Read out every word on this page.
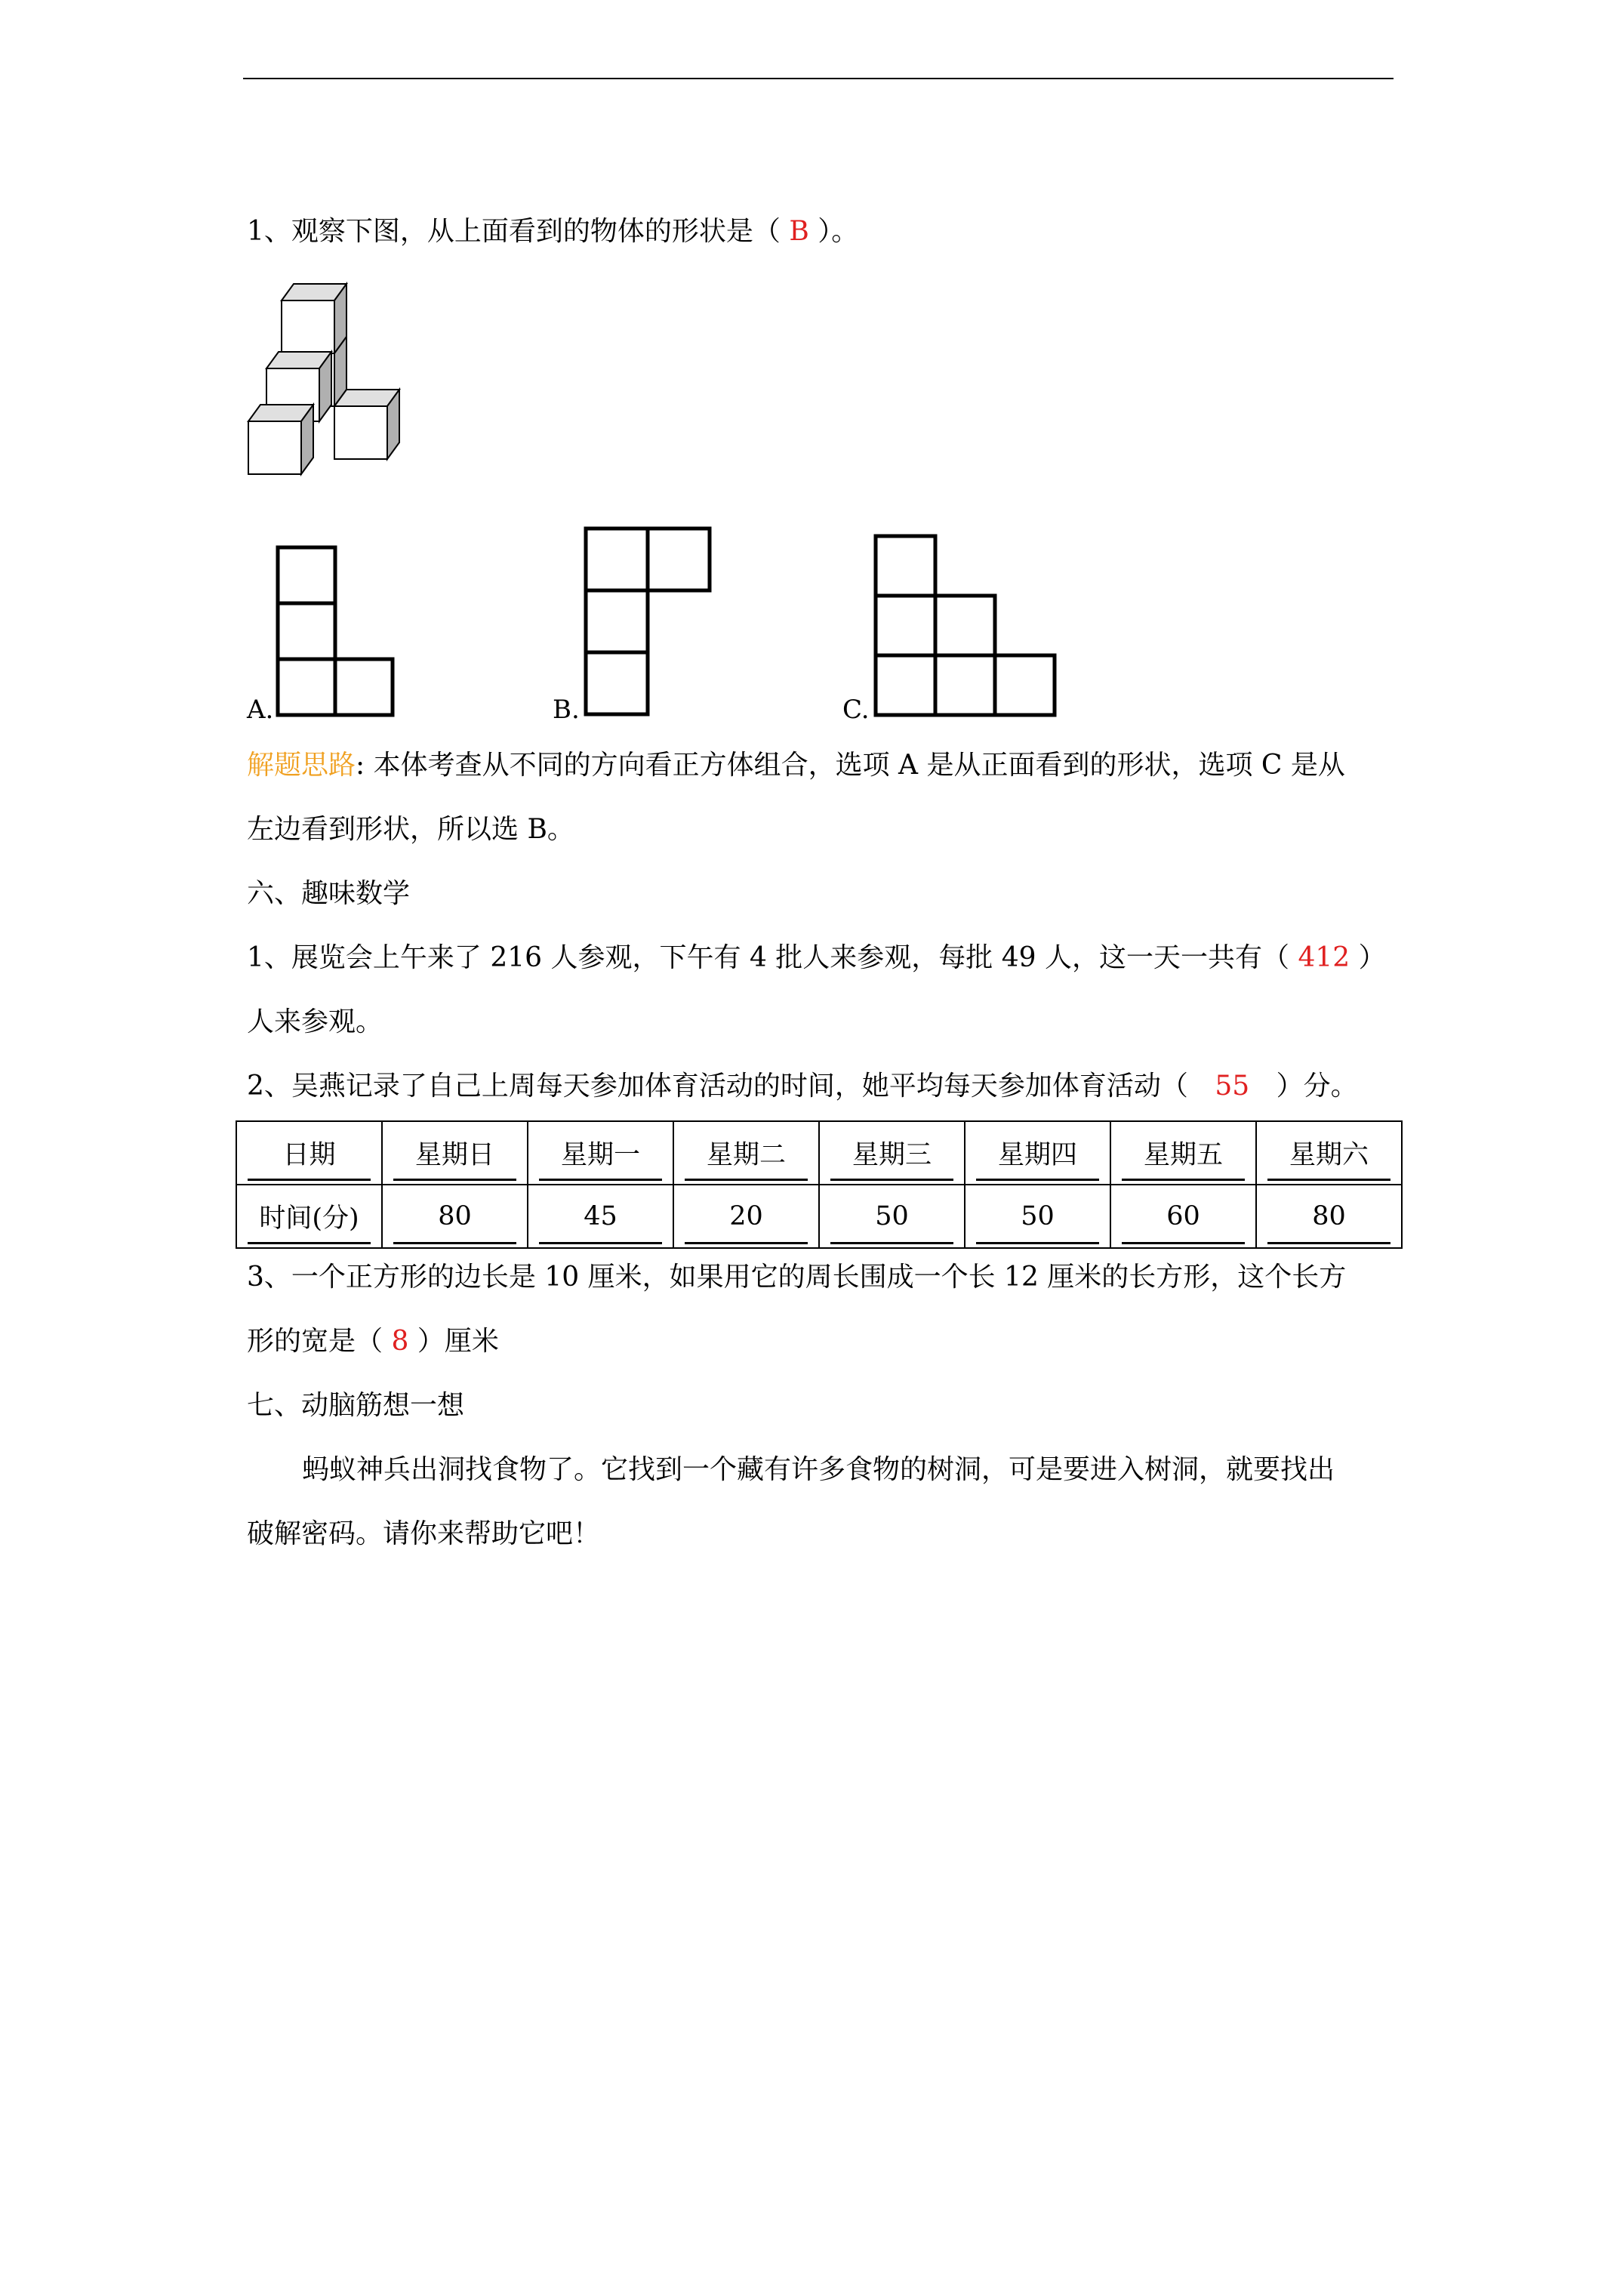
1、观察下图，从上面看到的物体的形状是（ B ）。
A.	B.	C.
解题思路: 本体考查从不同的方向看正方体组合，选项 A 是从正面看到的形状，选项 C 是从
左边看到形状，所以选 B。
六、趣味数学
1、展览会上午来了 216 人参观，下午有 4 批人来参观，每批 49 人，这一天一共有（ 412 ）
人来参观。
2、吴燕记录了自己上周每天参加体育活动的时间，她平均每天参加体育活动（ 55 ）分。
日期	星期日	星期一	星期二	星期三	星期四	星期五	星期六

时间(分)	80	45	20	50	50	60	80
3、一个正方形的边长是 10 厘米，如果用它的周长围成一个长 12 厘米的长方形，这个长方
形的宽是（ 8 ）厘米
七、动脑筋想一想
蚂蚁神兵出洞找食物了。它找到一个藏有许多食物的树洞，可是要进入树洞，就要找出
破解密码。请你来帮助它吧！
